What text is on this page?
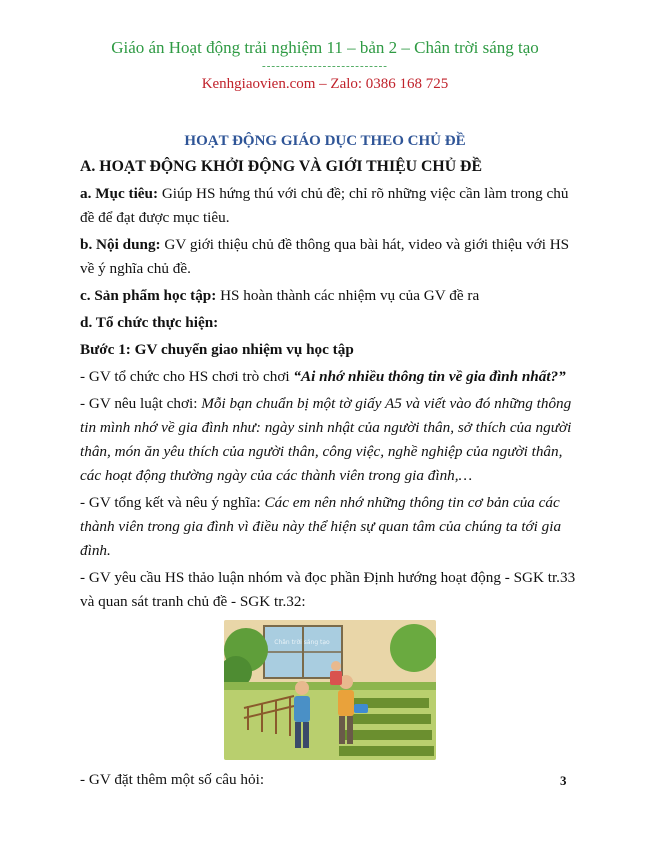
Giáo án Hoạt động trải nghiệm 11 – bản 2 – Chân trời sáng tạo
---------------------------
Kenhgiaovien.com – Zalo: 0386 168 725
HOẠT ĐỘNG GIÁO DỤC THEO CHỦ ĐỀ

A. HOẠT ĐỘNG KHỞI ĐỘNG VÀ GIỚI THIỆU CHỦ ĐỀ

a. Mục tiêu: Giúp HS hứng thú với chủ đề; chỉ rõ những việc cần làm trong chủ đề để đạt được mục tiêu.

b. Nội dung: GV giới thiệu chủ đề thông qua bài hát, video và giới thiệu với HS về ý nghĩa chủ đề.

c. Sản phẩm học tập: HS hoàn thành các nhiệm vụ của GV đề ra

d. Tổ chức thực hiện:

Bước 1: GV chuyển giao nhiệm vụ học tập

- GV tổ chức cho HS chơi trò chơi “Ai nhớ nhiều thông tin về gia đình nhất?”

- GV nêu luật chơi: Mỗi bạn chuẩn bị một tờ giấy A5 và viết vào đó những thông tin mình nhớ về gia đình như: ngày sinh nhật của người thân, sở thích của người thân, món ăn yêu thích của người thân, công việc, nghề nghiệp của người thân, các hoạt động thường ngày của các thành viên trong gia đình,…

- GV tổng kết và nêu ý nghĩa: Các em nên nhớ những thông tin cơ bản của các thành viên trong gia đình vì điều này thể hiện sự quan tâm của chúng ta tới gia đình.

- GV yêu cầu HS thảo luận nhóm và đọc phần Định hướng hoạt động - SGK tr.33 và quan sát tranh chủ đề - SGK tr.32:

Chân trời sáng tạo

- GV đặt thêm một số câu hỏi:	3
